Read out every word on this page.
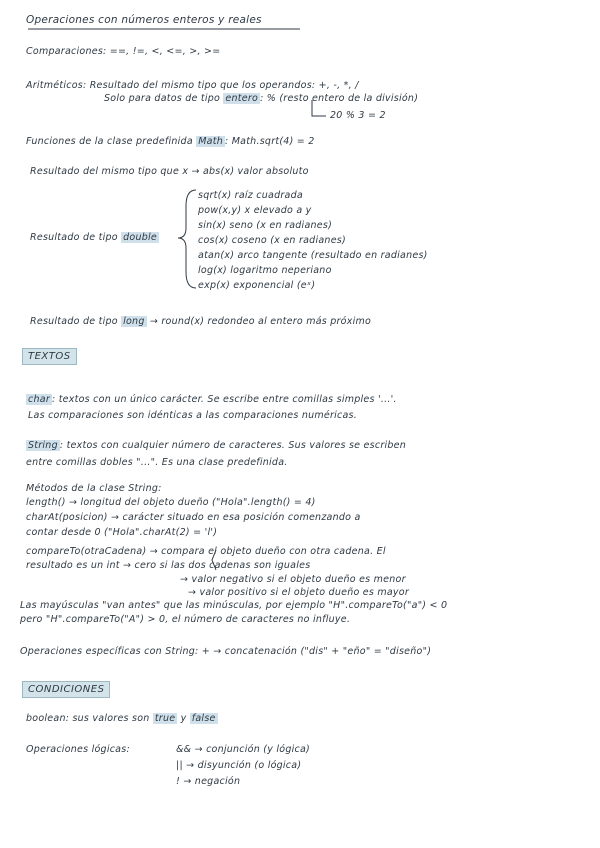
Operaciones con números enteros y reales
Comparaciones: ==, !=, <, <=, >, >=
Aritméticos: Resultado del mismo tipo que los operandos: +, -, *, /
Solo para datos de tipo entero : % (resto entero de la división)
20 % 3 = 2
Funciones de la clase predefinida Math : Math.sqrt(4) = 2
Resultado del mismo tipo que x → abs(x) valor absoluto
Resultado de tipo double
sqrt(x) raíz cuadrada
pow(x,y) x elevado a y
sin(x) seno (x en radianes)
cos(x) coseno (x en radianes)
atan(x) arco tangente (resultado en radianes)
log(x) logaritmo neperiano
exp(x) exponencial (eˣ)
Resultado de tipo long → round(x) redondeo al entero más próximo
TEXTOS
char : textos con un único carácter. Se escribe entre comillas simples '...'.
Las comparaciones son idénticas a las comparaciones numéricas.
String : textos con cualquier número de caracteres. Sus valores se escriben
entre comillas dobles "...". Es una clase predefinida.
Métodos de la clase String:
length() → longitud del objeto dueño ("Hola".length() = 4)
charAt(posicion) → carácter situado en esa posición comenzando a
contar desde 0 ("Hola".charAt(2) = 'l')
compareTo(otraCadena) → compara el objeto dueño con otra cadena. El
resultado es un int → cero si las dos cadenas son iguales
→ valor negativo si el objeto dueño es menor
→ valor positivo si el objeto dueño es mayor
Las mayúsculas "van antes" que las minúsculas, por ejemplo "H".compareTo("a") < 0
pero "H".compareTo("A") > 0, el número de caracteres no influye.
Operaciones específicas con String: + → concatenación ("dis" + "eño" = "diseño")
CONDICIONES
boolean: sus valores son true y false
Operaciones lógicas:	&& → conjunción (y lógica)
|| → disyunción (o lógica)
! → negación
